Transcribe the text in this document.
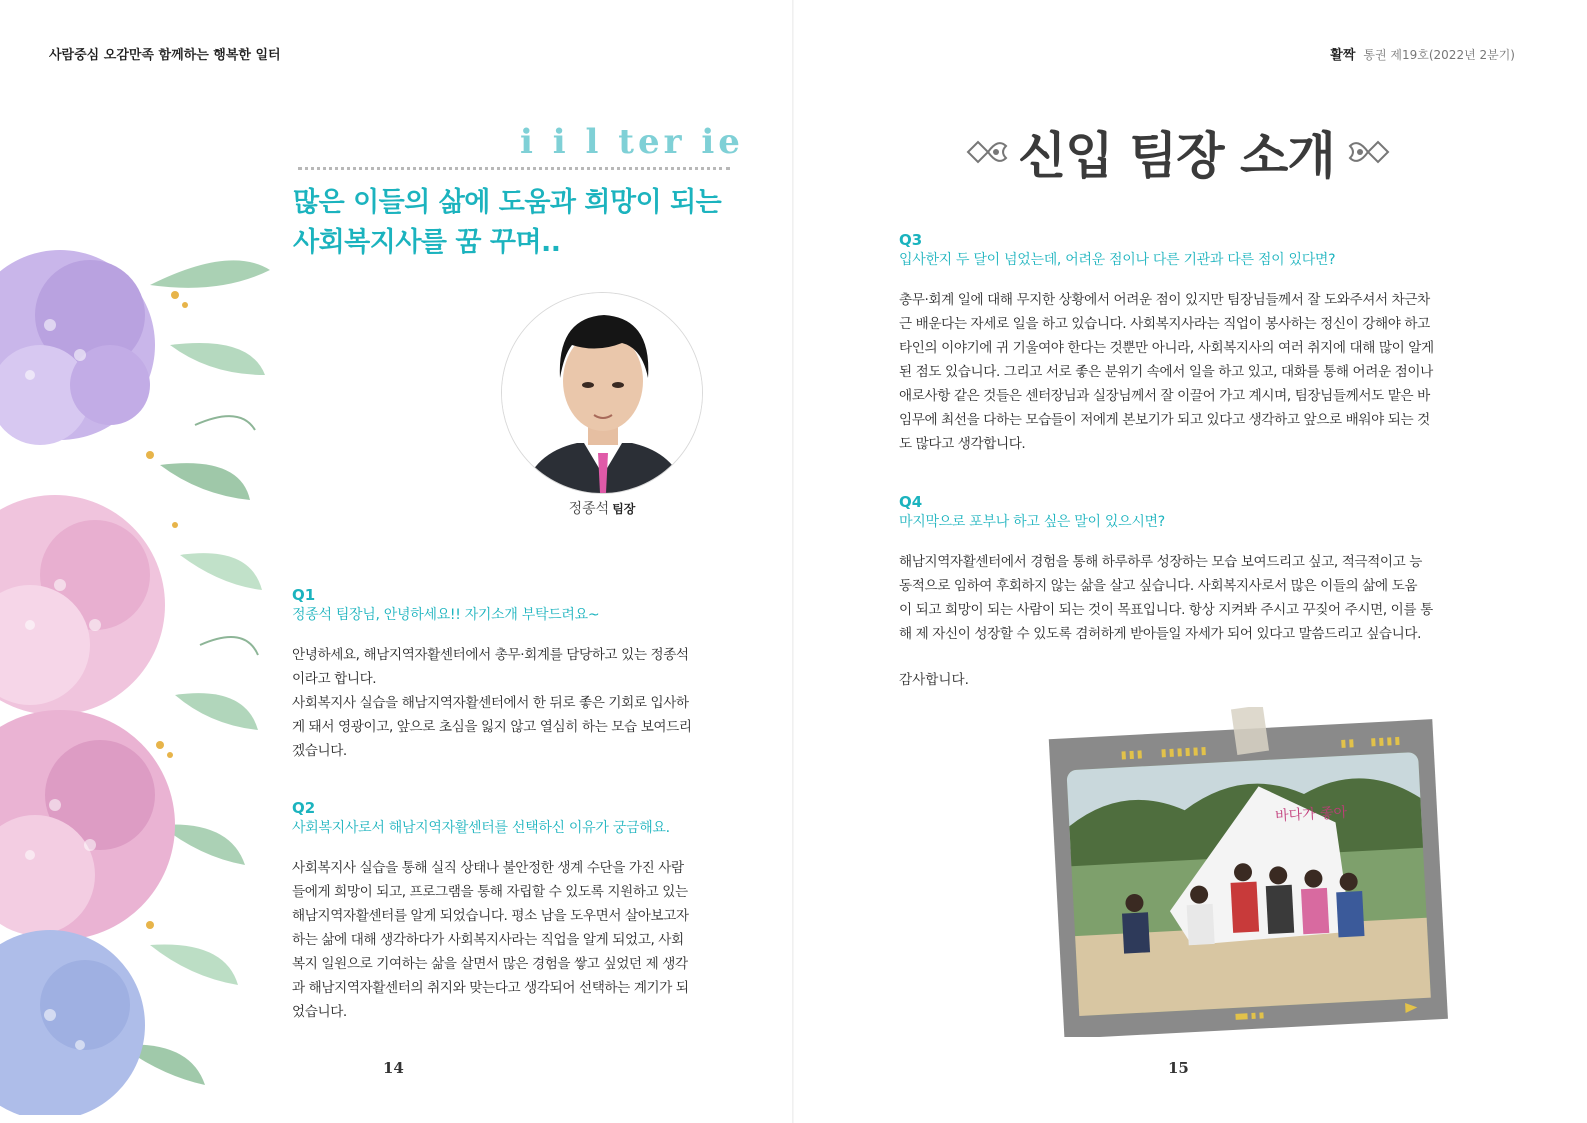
사람중심 오감만족 함께하는 행복한 일터
i i l ter ie
많은 이들의 삶에 도움과 희망이 되는
사회복지사를 꿈 꾸며..
정종석 팀장
Q1
정종석 팀장님, 안녕하세요!! 자기소개 부탁드려요~
안녕하세요, 해남지역자활센터에서 총무·회계를 담당하고 있는 정종석
이라고 합니다.
사회복지사 실습을 해남지역자활센터에서 한 뒤로 좋은 기회로 입사하
게 돼서 영광이고, 앞으로 초심을 잃지 않고 열심히 하는 모습 보여드리
겠습니다.
Q2
사회복지사로서 해남지역자활센터를 선택하신 이유가 궁금해요.
사회복지사 실습을 통해 실직 상태나 불안정한 생계 수단을 가진 사람
들에게 희망이 되고, 프로그램을 통해 자립할 수 있도록 지원하고 있는
해남지역자활센터를 알게 되었습니다. 평소 남을 도우면서 살아보고자
하는 삶에 대해 생각하다가 사회복지사라는 직업을 알게 되었고, 사회
복지 일원으로 기여하는 삶을 살면서 많은 경험을 쌓고 싶었던 제 생각
과 해남지역자활센터의 취지와 맞는다고 생각되어 선택하는 계기가 되
었습니다.
14
활짝 통권 제19호(2022년 2분기)
신입 팀장 소개
Q3
입사한지 두 달이 넘었는데, 어려운 점이나 다른 기관과 다른 점이 있다면?
총무·회계 일에 대해 무지한 상황에서 어려운 점이 있지만 팀장님들께서 잘 도와주셔서 차근차
근 배운다는 자세로 일을 하고 있습니다. 사회복지사라는 직업이 봉사하는 정신이 강해야 하고
타인의 이야기에 귀 기울여야 한다는 것뿐만 아니라, 사회복지사의 여러 취지에 대해 많이 알게
된 점도 있습니다. 그리고 서로 좋은 분위기 속에서 일을 하고 있고, 대화를 통해 어려운 점이나
애로사항 같은 것들은 센터장님과 실장님께서 잘 이끌어 가고 계시며, 팀장님들께서도 맡은 바
임무에 최선을 다하는 모습들이 저에게 본보기가 되고 있다고 생각하고 앞으로 배워야 되는 것
도 많다고 생각합니다.
Q4
마지막으로 포부나 하고 싶은 말이 있으시면?
해남지역자활센터에서 경험을 통해 하루하루 성장하는 모습 보여드리고 싶고, 적극적이고 능
동적으로 임하여 후회하지 않는 삶을 살고 싶습니다. 사회복지사로서 많은 이들의 삶에 도움
이 되고 희망이 되는 사람이 되는 것이 목표입니다. 항상 지켜봐 주시고 꾸짖어 주시면, 이를 통
해 제 자신이 성장할 수 있도록 겸허하게 받아들일 자세가 되어 있다고 말씀드리고 싶습니다.
감사합니다.
바다가 좋아
15
